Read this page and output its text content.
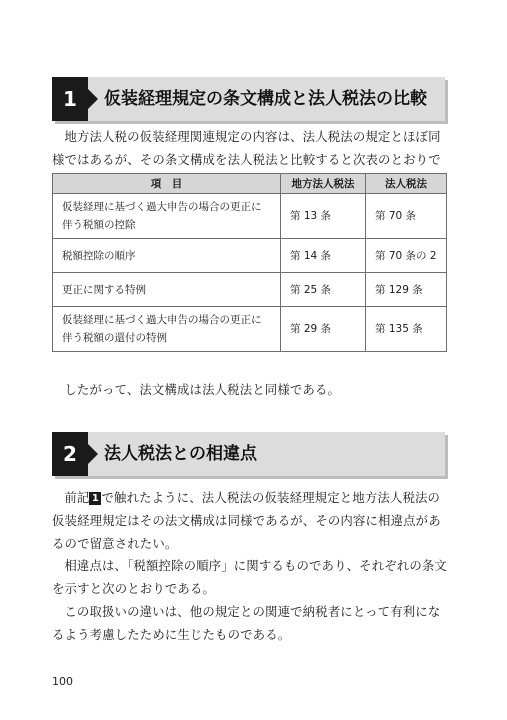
1	仮装経理規定の条文構成と法人税法の比較

地方法人税の仮装経理関連規定の内容は、法人税法の規定とほぼ同様ではあるが、その条文構成を法人税法と比較すると次表のとおりで

項　目	地方法人税法	法人税法
仮装経理に基づく過大申告の場合の更正に伴う税額の控除	第 13 条	第 70 条
税額控除の順序	第 14 条	第 70 条の 2
更正に関する特例	第 25 条	第 129 条
仮装経理に基づく過大申告の場合の更正に伴う税額の還付の特例	第 29 条	第 135 条

したがって、法文構成は法人税法と同様である。

2	法人税法との相違点

前記 1 で触れたように、法人税法の仮装経理規定と地方法人税法の仮装経理規定はその法文構成は同様であるが、その内容に相違点があるので留意されたい。

相違点は、「税額控除の順序」に関するものであり、それぞれの条文を示すと次のとおりである。

この取扱いの違いは、他の規定との関連で納税者にとって有利になるよう考慮したために生じたものである。

100
